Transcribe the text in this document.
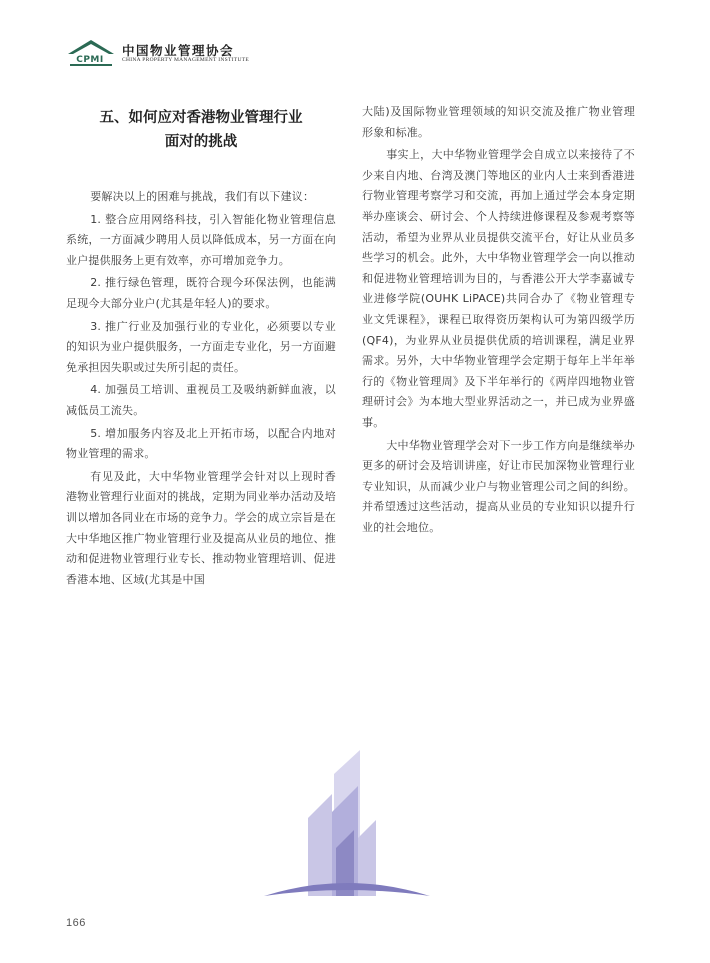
CPMI
中国物业管理协会
CHINA PROPERTY MANAGEMENT INSTITUTE
五、如何应对香港物业管理行业
面对的挑战

要解决以上的困难与挑战，我们有以下建议：

1. 整合应用网络科技，引入智能化物业管理信息系统，一方面减少聘用人员以降低成本，另一方面在向业户提供服务上更有效率，亦可增加竞争力。

2. 推行绿色管理，既符合现今环保法例，也能满足现今大部分业户(尤其是年轻人)的要求。

3. 推广行业及加强行业的专业化，必须要以专业的知识为业户提供服务，一方面走专业化，另一方面避免承担因失职或过失所引起的责任。

4. 加强员工培训、重视员工及吸纳新鲜血液，以减低员工流失。

5. 增加服务内容及北上开拓市场，以配合内地对物业管理的需求。

有见及此，大中华物业管理学会针对以上现时香港物业管理行业面对的挑战，定期为同业举办活动及培训以增加各同业在市场的竞争力。学会的成立宗旨是在大中华地区推广物业管理行业及提高从业员的地位、推动和促进物业管理行业专长、推动物业管理培训、促进香港本地、区域(尤其是中国

大陆)及国际物业管理领域的知识交流及推广物业管理形象和标准。

事实上，大中华物业管理学会自成立以来接待了不少来自内地、台湾及澳门等地区的业内人士来到香港进行物业管理考察学习和交流，再加上通过学会本身定期举办座谈会、研讨会、个人持续进修课程及参观考察等活动，希望为业界从业员提供交流平台，好让从业员多些学习的机会。此外，大中华物业管理学会一向以推动和促进物业管理培训为目的，与香港公开大学李嘉诚专业进修学院(OUHK LiPACE)共同合办了《物业管理专业文凭课程》，课程已取得资历架构认可为第四级学历(QF4)，为业界从业员提供优质的培训课程，满足业界需求。另外，大中华物业管理学会定期于每年上半年举行的《物业管理周》及下半年举行的《两岸四地物业管理研讨会》为本地大型业界活动之一，并已成为业界盛事。

大中华物业管理学会对下一步工作方向是继续举办更多的研讨会及培训讲座，好让市民加深物业管理行业专业知识，从而减少业户与物业管理公司之间的纠纷。并希望透过这些活动，提高从业员的专业知识以提升行业的社会地位。

166
